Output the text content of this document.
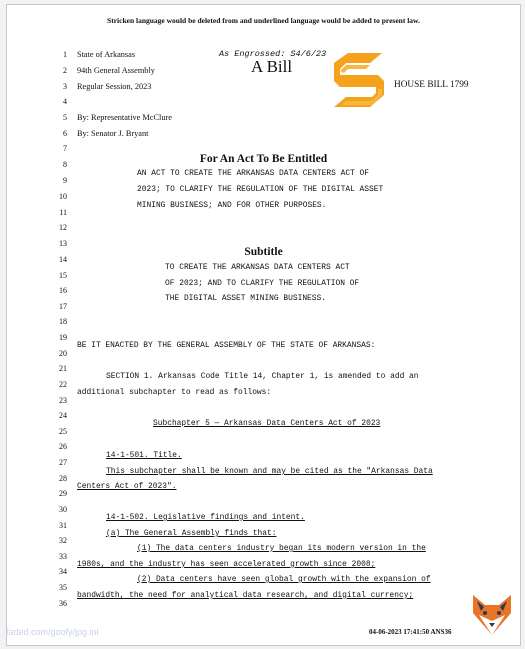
Stricken language would be deleted from and underlined language would be added to present law.
1
2
3
4
5
6
7
8
9
10
11
12
13
14
15
16
17
18
19
20
21
22
23
24
25
26
27
28
29
30
31
32
33
34
35
36
State of Arkansas
94th General Assembly
Regular Session, 2023
As Engrossed: S4/6/23
A Bill
HOUSE BILL 1799
By: Representative McClure
By: Senator J. Bryant
For An Act To Be Entitled
AN ACT TO CREATE THE ARKANSAS DATA CENTERS ACT OF
2023; TO CLARIFY THE REGULATION OF THE DIGITAL ASSET
MINING BUSINESS; AND FOR OTHER PURPOSES.
Subtitle
TO CREATE THE ARKANSAS DATA CENTERS ACT
OF 2023; AND TO CLARIFY THE REGULATION OF
THE DIGITAL ASSET MINING BUSINESS.
BE IT ENACTED BY THE GENERAL ASSEMBLY OF THE STATE OF ARKANSAS:
SECTION 1. Arkansas Code Title 14, Chapter 1, is amended to add an
additional subchapter to read as follows:
Subchapter 5 — Arkansas Data Centers Act of 2023
14-1-501. Title.
This subchapter shall be known and may be cited as the "Arkansas Data
Centers Act of 2023".
14-1-502. Legislative findings and intent.
(a) The General Assembly finds that:
(1) The data centers industry began its modern version in the
1980s, and the industry has seen accelerated growth since 2008;
(2) Data centers have seen global growth with the expansion of
bandwidth, the need for analytical data research, and digital currency;
04-06-2023 17:41:50 ANS36
faded.com/goofy/jpg.ini
